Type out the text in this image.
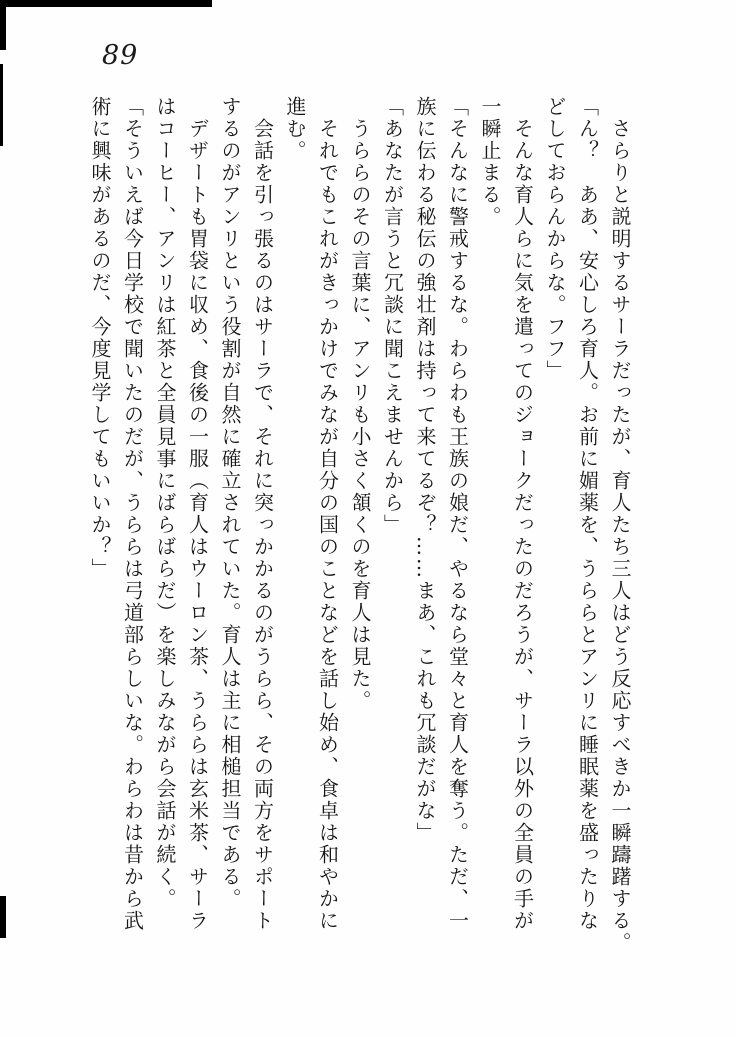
89
　さらりと説明するサーラだったが、育人たち三人はどう反応すべきか一瞬躊躇する。
「ん？　ああ、安心しろ育人。お前に媚薬を、うららとアンリに睡眠薬を盛ったりな
どしておらんからな。フフ」
　そんな育人らに気を遣ってのジョークだったのだろうが、サーラ以外の全員の手が
一瞬止まる。
「そんなに警戒するな。わらわも王族の娘だ、やるなら堂々と育人を奪う。ただ、一
族に伝わる秘伝の強壮剤は持って来てるぞ？……まあ、これも冗談だがな」
「あなたが言うと冗談に聞こえませんから」
　うららのその言葉に、アンリも小さく頷くのを育人は見た。
　それでもこれがきっかけでみなが自分の国のことなどを話し始め、食卓は和やかに
進む。
　会話を引っ張るのはサーラで、それに突っかかるのがうらら、その両方をサポート
するのがアンリという役割が自然に確立されていた。育人は主に相槌担当である。
　デザートも胃袋に収め、食後の一服（育人はウーロン茶、うららは玄米茶、サーラ
はコーヒー、アンリは紅茶と全員見事にばらばらだ）を楽しみながら会話が続く。
「そういえば今日学校で聞いたのだが、うららは弓道部らしいな。わらわは昔から武
術に興味があるのだ、今度見学してもいいか？」
